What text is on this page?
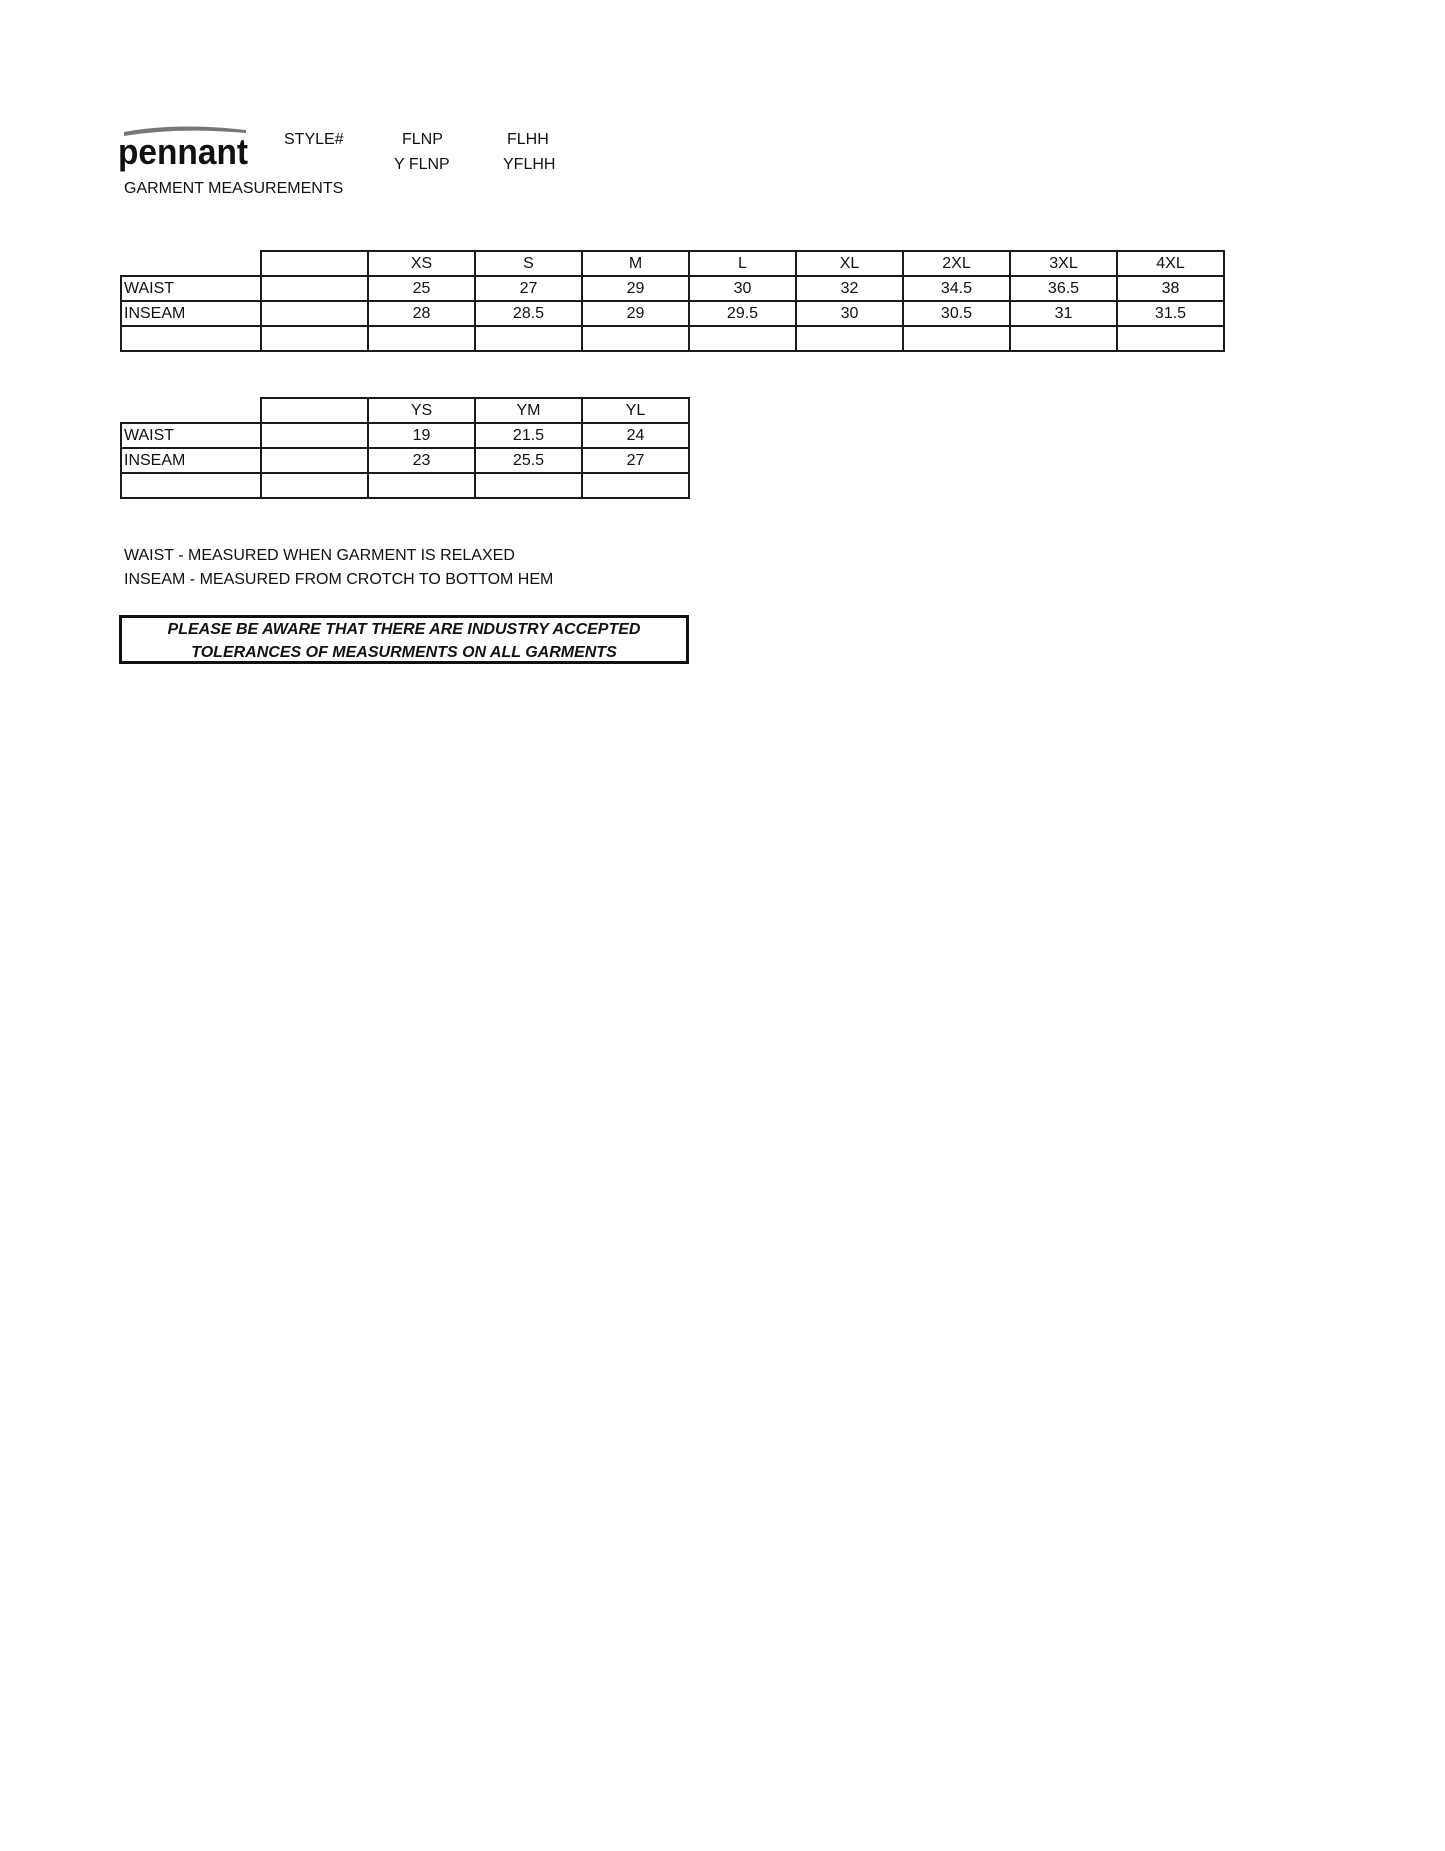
pennant STYLE#	FLNP
Y FLNP
FLHH
YFLHH
GARMENT MEASUREMENTS
		XS	S	M	L	XL	2XL	3XL	4XL
WAIST		25	27	29	30	32	34.5	36.5	38
INSEAM		28	28.5	29	29.5	30	30.5	31	31.5

		YS	YM	YL
WAIST		19	21.5	24
INSEAM		23	25.5	27

WAIST - MEASURED WHEN GARMENT IS RELAXED
INSEAM - MEASURED FROM CROTCH TO BOTTOM HEM
PLEASE BE AWARE THAT THERE ARE INDUSTRY ACCEPTED
TOLERANCES OF MEASURMENTS ON ALL GARMENTS
